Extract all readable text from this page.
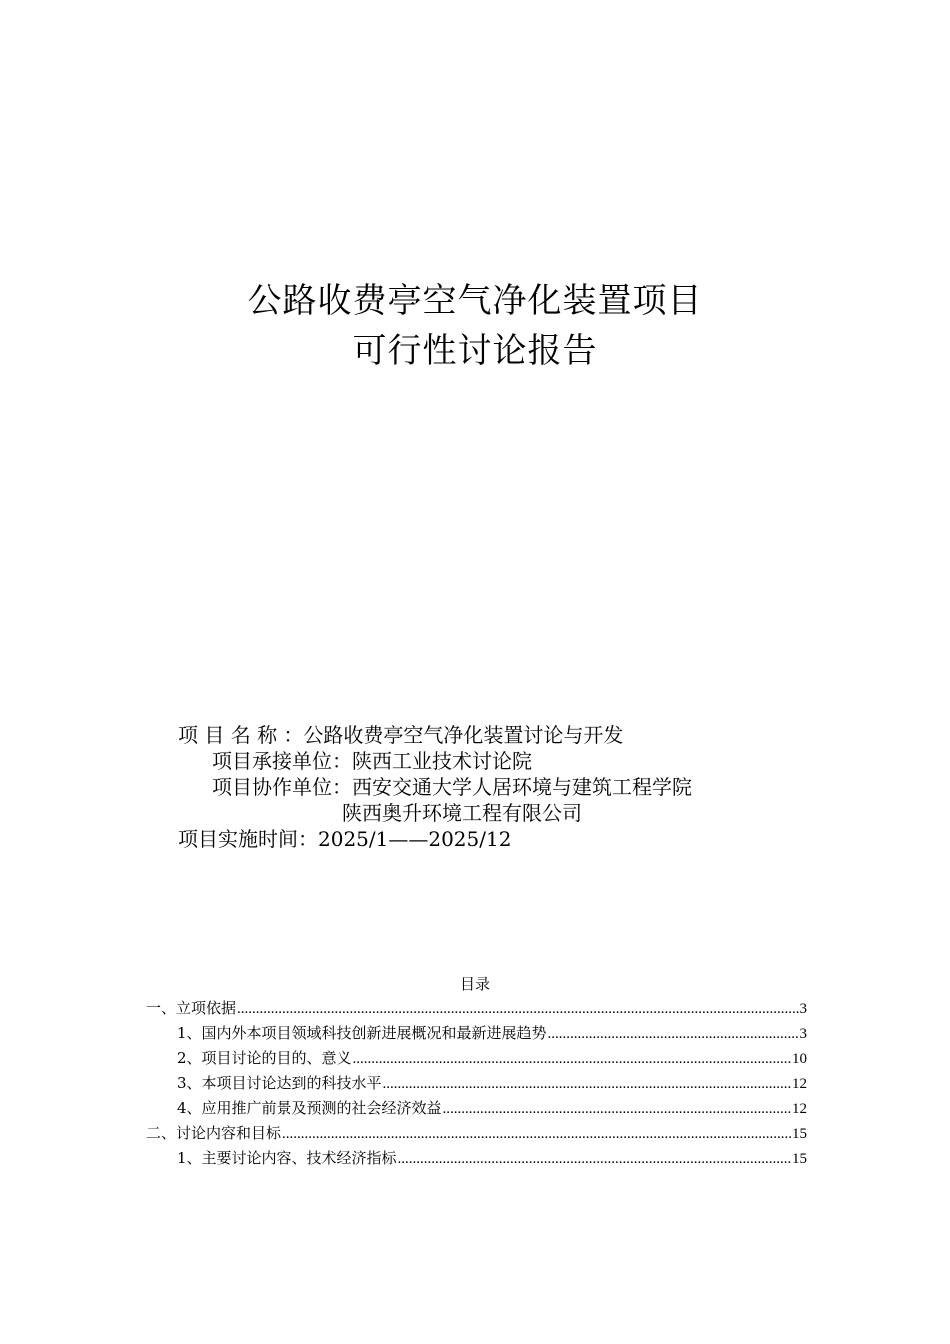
公路收费亭空气净化装置项目
可行性讨论报告
项 目 名 称 ：公路收费亭空气净化装置讨论与开发
项目承接单位：陕西工业技术讨论院
项目协作单位：西安交通大学人居环境与建筑工程学院
陕西奥升环境工程有限公司
项目实施时间：2025/1——2025/12
目录
一、立项依据 .....	3
1、国内外本项目领域科技创新进展概况和最新进展趋势 .....	3
2、项目讨论的目的、意义 .....	10
3、本项目讨论达到的科技水平 .....	12
4、应用推广前景及预测的社会经济效益 .....	12
二、讨论内容和目标 .....	15
1、主要讨论内容、技术经济指标 .....	15
